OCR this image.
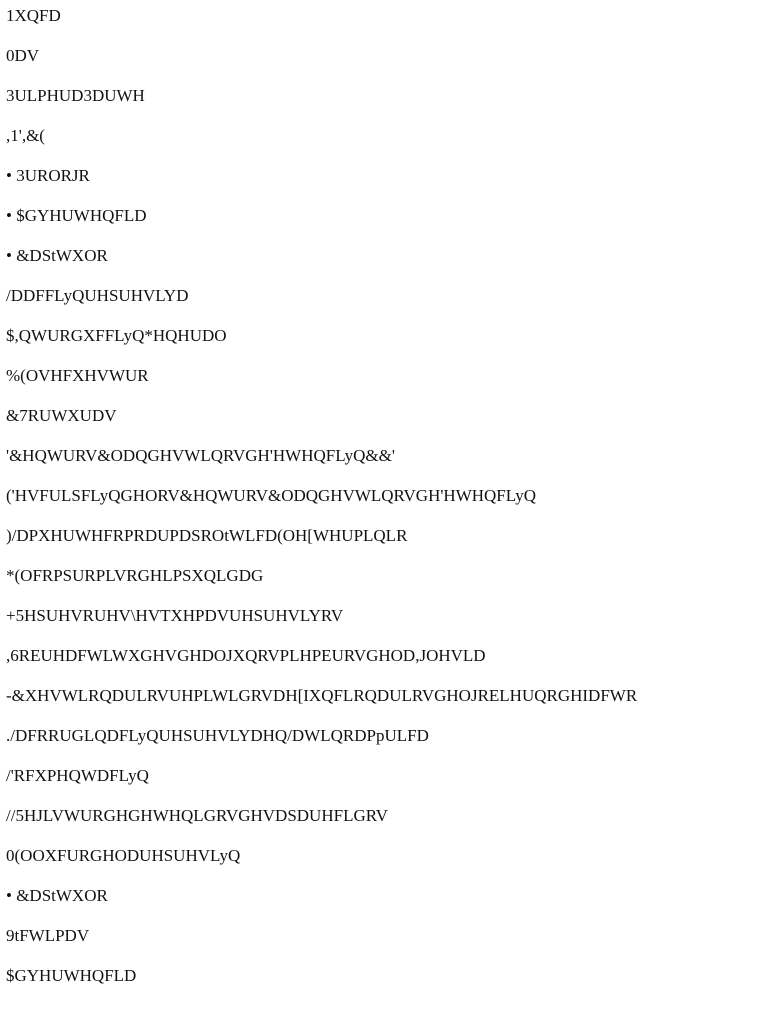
1XQFD
0DV
3ULPHUD3DUWH
,1',&(
• 3URORJR
• $GYHUWHQFLD
• &DStWXOR
/DDFFLyQUHSUHVLYD
$,QWURGXFFLyQ*HQHUDO
%(OVHFXHVWUR
&7RUWXUDV
'&HQWURV&ODQGHVWLQRVGH'HWHQFLyQ&&'
('HVFULSFLyQGHORV&HQWURV&ODQGHVWLQRVGH'HWHQFLyQ
)/DPXHUWHFRPRDUPDSROtWLFD(OH[WHUPLQLR
*(OFRPSURPLVRGHLPSXQLGDG
+5HSUHVRUHV\HVTXHPDVUHSUHVLYRV
,6REUHDFWLWXGHVGHDOJXQRVPLHPEURVGHOD,JOHVLD
-&XHVWLRQDULRVUHPLWLGRVDH[IXQFLRQDULRVGHOJRELHUQRGHIDFWR
./DFRRUGLQDFLyQUHSUHVLYDHQ/DWLQRDPpULFD
/'RFXPHQWDFLyQ
//5HJLVWURGHGHWHQLGRVGHVDSDUHFLGRV
0(OOXFURGHODUHSUHVLyQ
• &DStWXOR
9tFWLPDV
$GYHUWHQFLD
